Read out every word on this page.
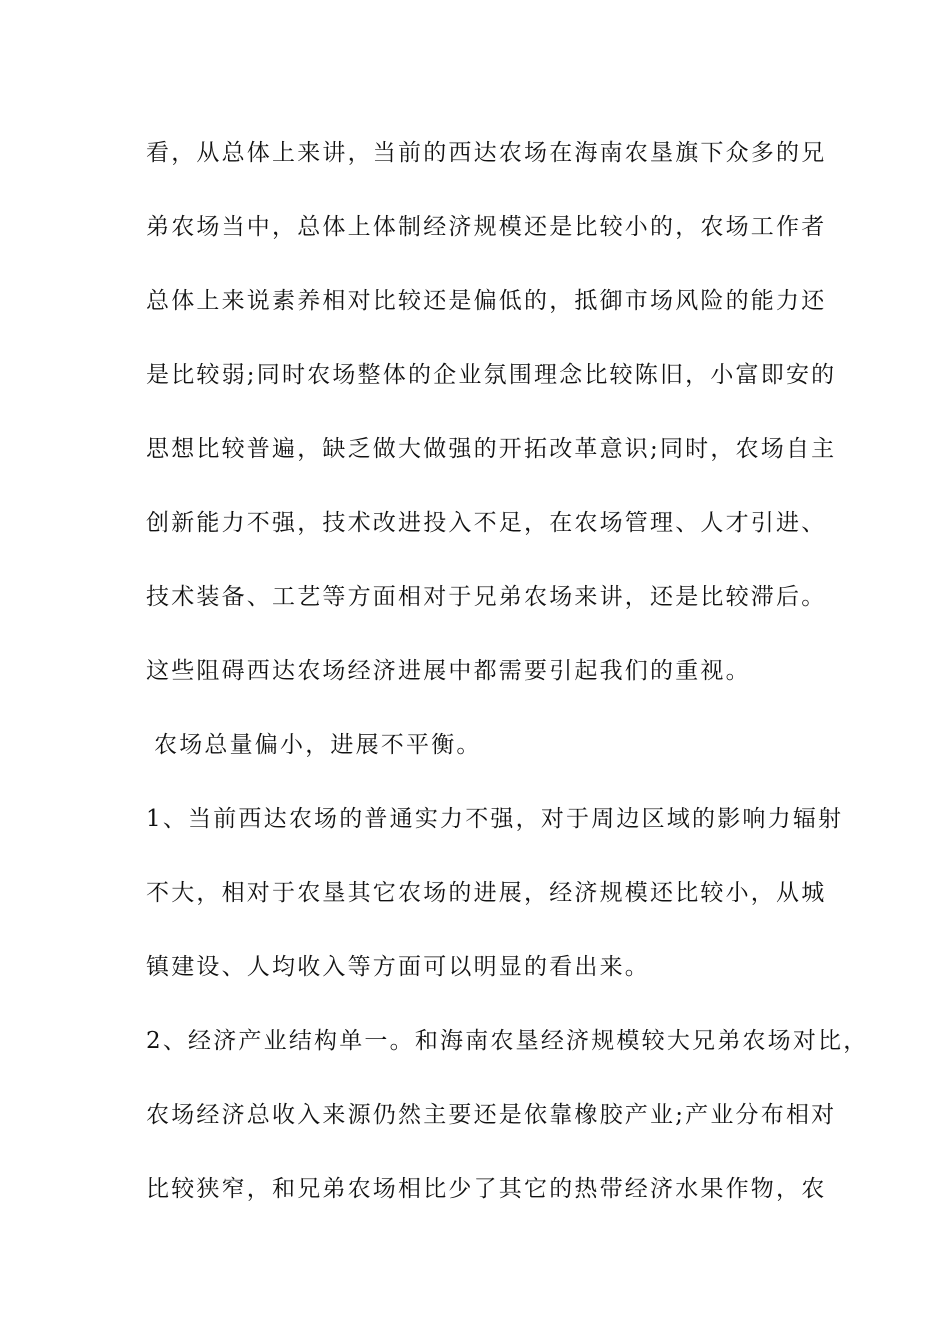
看，从总体上来讲，当前的西达农场在海南农垦旗下众多的兄
弟农场当中，总体上体制经济规模还是比较小的，农场工作者
总体上来说素养相对比较还是偏低的，抵御市场风险的能力还
是比较弱;同时农场整体的企业氛围理念比较陈旧，小富即安的
思想比较普遍，缺乏做大做强的开拓改革意识;同时，农场自主
创新能力不强，技术改进投入不足，在农场管理、人才引进、
技术装备、工艺等方面相对于兄弟农场来讲，还是比较滞后。
这些阻碍西达农场经济进展中都需要引起我们的重视。
农场总量偏小，进展不平衡。
1、当前西达农场的普通实力不强，对于周边区域的影响力辐射
不大，相对于农垦其它农场的进展，经济规模还比较小，从城
镇建设、人均收入等方面可以明显的看出来。
2、经济产业结构单一。和海南农垦经济规模较大兄弟农场对比，
农场经济总收入来源仍然主要还是依靠橡胶产业;产业分布相对
比较狭窄，和兄弟农场相比少了其它的热带经济水果作物，农
